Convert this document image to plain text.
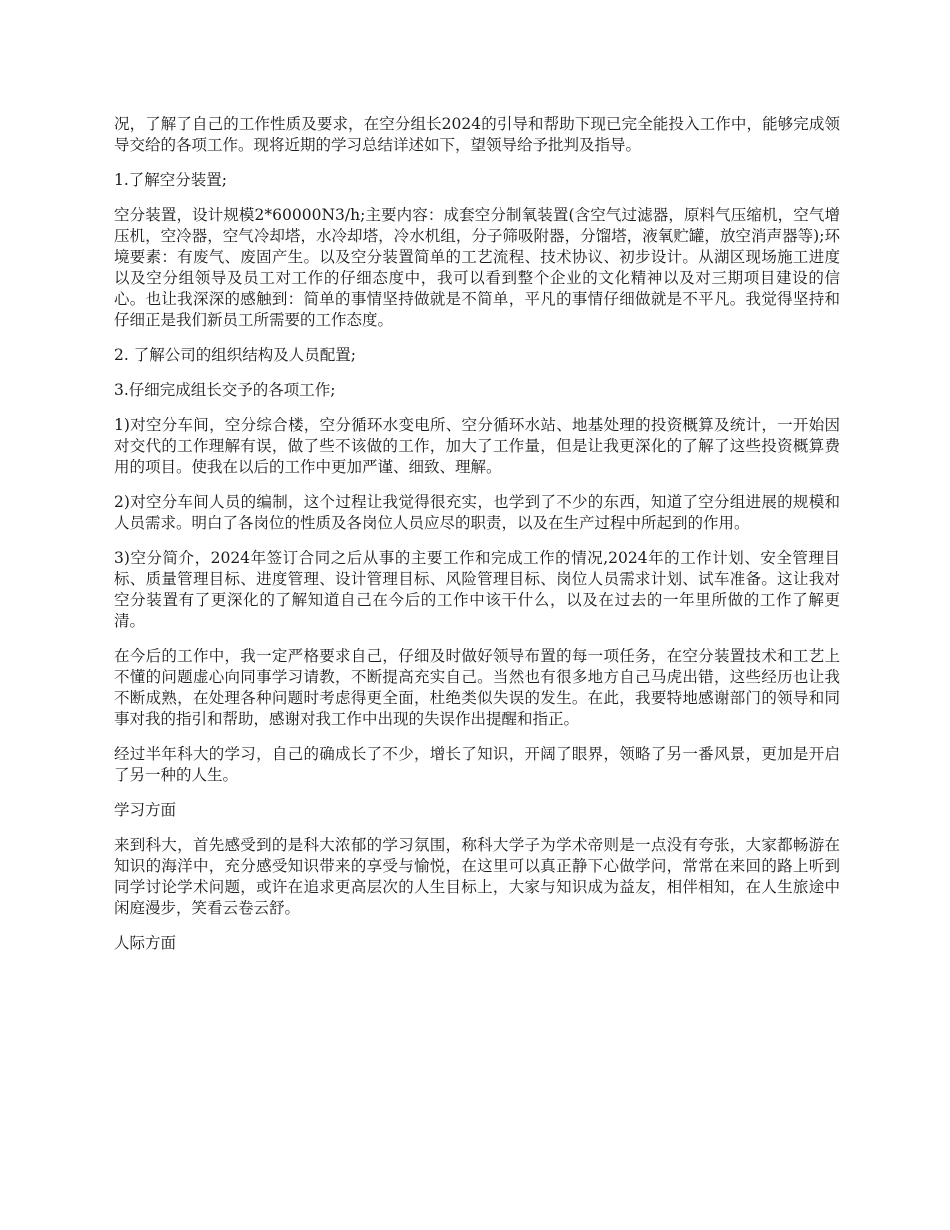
况，了解了自己的工作性质及要求，在空分组长2024的引导和帮助下现已完全能投入工作中，能够完成领导交给的各项工作。现将近期的学习总结详述如下，望领导给予批判及指导。

1.了解空分装置;

空分装置，设计规模2*60000N3/h;主要内容：成套空分制氧装置(含空气过滤器，原料气压缩机，空气增压机，空冷器，空气冷却塔，水冷却塔，冷水机组，分子筛吸附器，分馏塔，液氧贮罐，放空消声器等);环境要素：有废气、废固产生。以及空分装置简单的工艺流程、技术协议、初步设计。从湖区现场施工进度以及空分组领导及员工对工作的仔细态度中，我可以看到整个企业的文化精神以及对三期项目建设的信心。也让我深深的感触到：简单的事情坚持做就是不简单，平凡的事情仔细做就是不平凡。我觉得坚持和仔细正是我们新员工所需要的工作态度。

2. 了解公司的组织结构及人员配置;

3.仔细完成组长交予的各项工作;

1)对空分车间，空分综合楼，空分循环水变电所、空分循环水站、地基处理的投资概算及统计，一开始因对交代的工作理解有误，做了些不该做的工作，加大了工作量，但是让我更深化的了解了这些投资概算费用的项目。使我在以后的工作中更加严谨、细致、理解。

2)对空分车间人员的编制，这个过程让我觉得很充实，也学到了不少的东西，知道了空分组进展的规模和人员需求。明白了各岗位的性质及各岗位人员应尽的职责，以及在生产过程中所起到的作用。

3)空分简介，2024年签订合同之后从事的主要工作和完成工作的情况,2024年的工作计划、安全管理目标、质量管理目标、进度管理、设计管理目标、风险管理目标、岗位人员需求计划、试车准备。这让我对空分装置有了更深化的了解知道自己在今后的工作中该干什么，以及在过去的一年里所做的工作了解更清。

在今后的工作中，我一定严格要求自己，仔细及时做好领导布置的每一项任务，在空分装置技术和工艺上不懂的问题虚心向同事学习请教，不断提高充实自己。当然也有很多地方自己马虎出错，这些经历也让我不断成熟，在处理各种问题时考虑得更全面，杜绝类似失误的发生。在此，我要特地感谢部门的领导和同事对我的指引和帮助，感谢对我工作中出现的失误作出提醒和指正。

经过半年科大的学习，自己的确成长了不少，增长了知识，开阔了眼界，领略了另一番风景，更加是开启了另一种的人生。

学习方面

来到科大，首先感受到的是科大浓郁的学习氛围，称科大学子为学术帝则是一点没有夸张，大家都畅游在知识的海洋中，充分感受知识带来的享受与愉悦，在这里可以真正静下心做学问，常常在来回的路上听到同学讨论学术问题，或许在追求更高层次的人生目标上，大家与知识成为益友，相伴相知，在人生旅途中闲庭漫步，笑看云卷云舒。

人际方面
